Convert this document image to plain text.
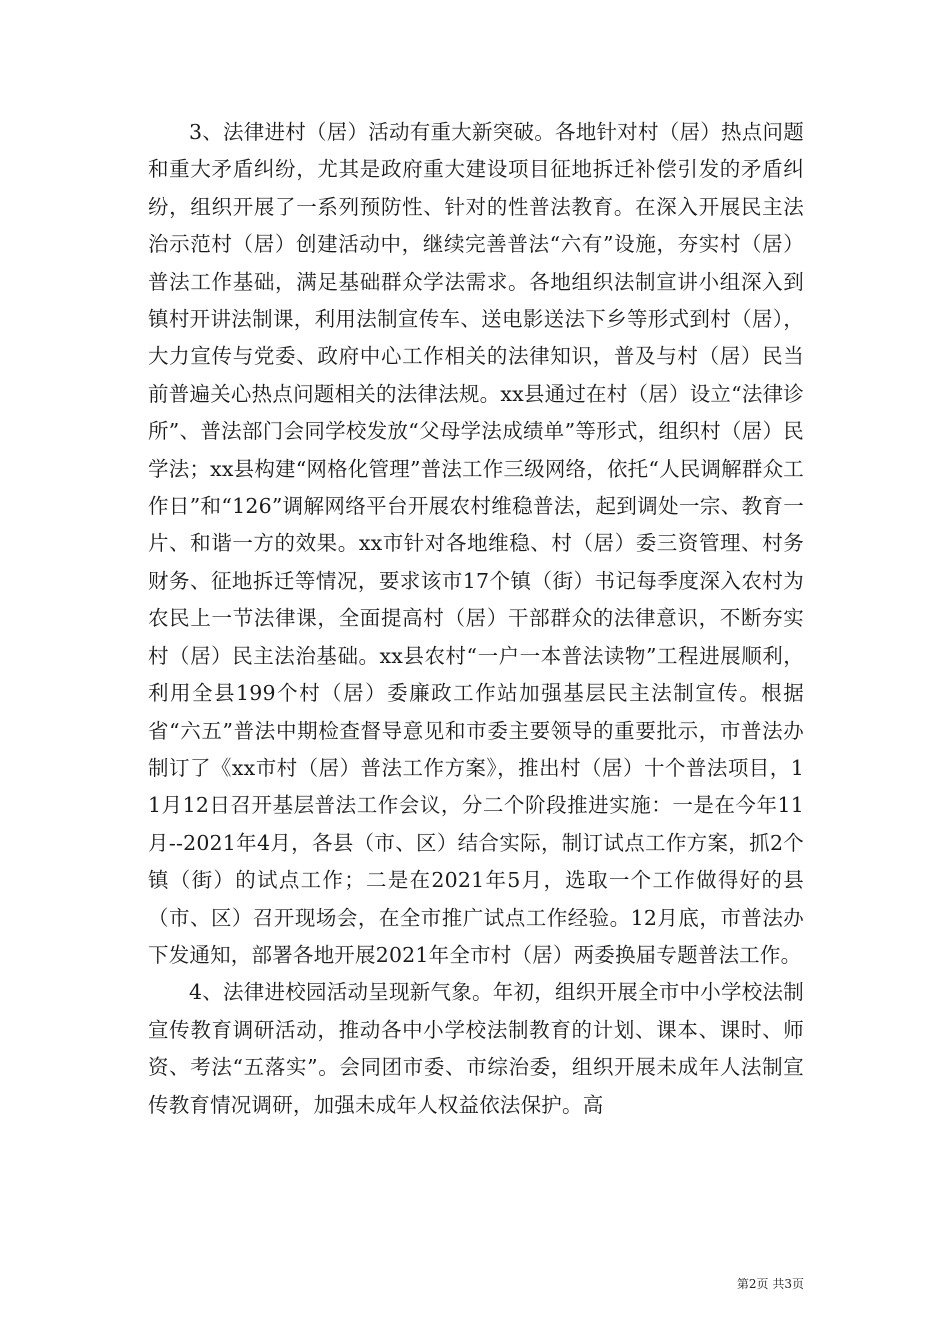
3、法律进村（居）活动有重大新突破。各地针对村（居）热点问题和重大矛盾纠纷，尤其是政府重大建设项目征地拆迁补偿引发的矛盾纠纷，组织开展了一系列预防性、针对的性普法教育。在深入开展民主法治示范村（居）创建活动中，继续完善普法“六有”设施，夯实村（居）普法工作基础，满足基础群众学法需求。各地组织法制宣讲小组深入到镇村开讲法制课，利用法制宣传车、送电影送法下乡等形式到村（居），大力宣传与党委、政府中心工作相关的法律知识，普及与村（居）民当前普遍关心热点问题相关的法律法规。xx县通过在村（居）设立“法律诊所”、普法部门会同学校发放“父母学法成绩单”等形式，组织村（居）民学法；xx县构建“网格化管理”普法工作三级网络，依托“人民调解群众工作日”和“126”调解网络平台开展农村维稳普法，起到调处一宗、教育一片、和谐一方的效果。xx市针对各地维稳、村（居）委三资管理、村务财务、征地拆迁等情况，要求该市17个镇（街）书记每季度深入农村为农民上一节法律课，全面提高村（居）干部群众的法律意识，不断夯实村（居）民主法治基础。xx县农村“一户一本普法读物”工程进展顺利，利用全县199个村（居）委廉政工作站加强基层民主法制宣传。根据省“六五”普法中期检查督导意见和市委主要领导的重要批示，市普法办制订了《xx市村（居）普法工作方案》，推出村（居）十个普法项目，11月12日召开基层普法工作会议，分二个阶段推进实施：一是在今年11月--2021年4月，各县（市、区）结合实际，制订试点工作方案，抓2个镇（街）的试点工作；二是在2021年5月，选取一个工作做得好的县（市、区）召开现场会，在全市推广试点工作经验。12月底，市普法办下发通知，部署各地开展2021年全市村（居）两委换届专题普法工作。

4、法律进校园活动呈现新气象。年初，组织开展全市中小学校法制宣传教育调研活动，推动各中小学校法制教育的计划、课本、课时、师资、考法“五落实”。会同团市委、市综治委，组织开展未成年人法制宣传教育情况调研，加强未成年人权益依法保护。高

第2页 共3页
